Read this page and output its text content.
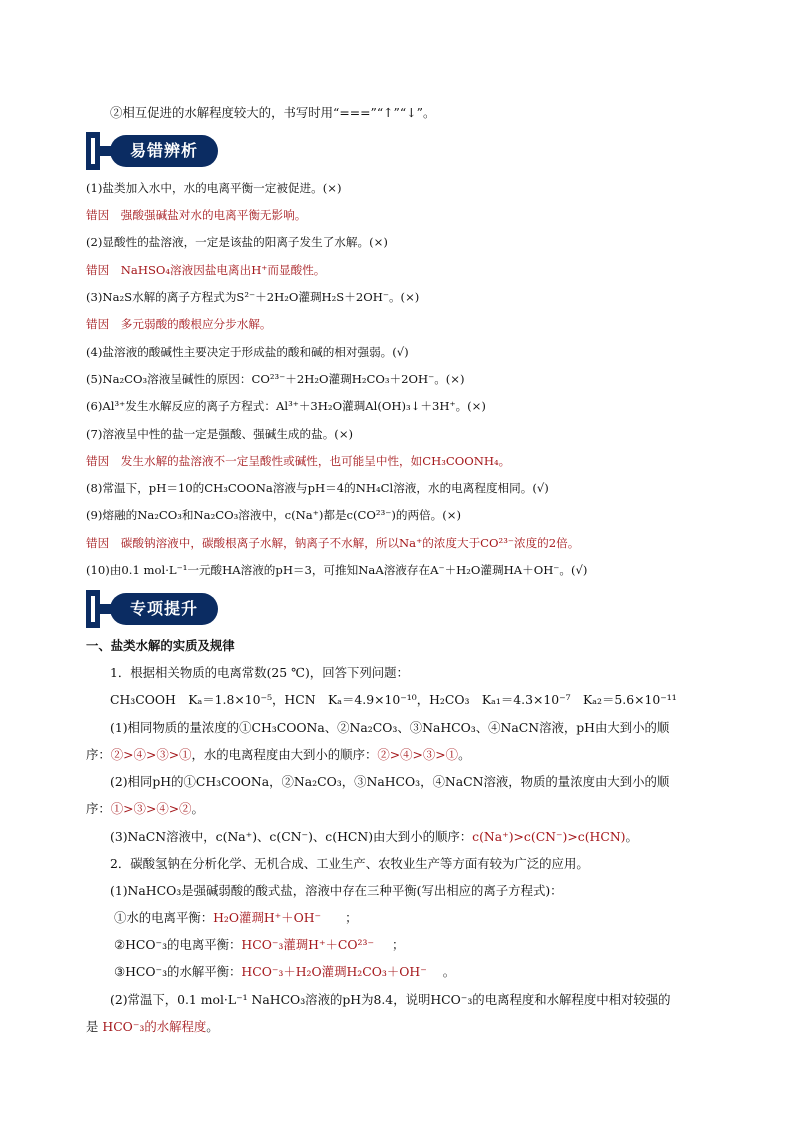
②相互促进的水解程度较大的，书写时用“===”“↑”“↓”。
易错辨析
(1)盐类加入水中，水的电离平衡一定被促进。(×)
错因　强酸强碱盐对水的电离平衡无影响。
(2)显酸性的盐溶液，一定是该盐的阳离子发生了水解。(×)
错因　NaHSO₄溶液因盐电离出H⁺而显酸性。
(3)Na₂S水解的离子方程式为S²⁻＋2H₂O灌琱H₂S＋2OH⁻。(×)
错因　多元弱酸的酸根应分步水解。
(4)盐溶液的酸碱性主要决定于形成盐的酸和碱的相对强弱。(√)
(5)Na₂CO₃溶液呈碱性的原因：CO²³⁻＋2H₂O灌琱H₂CO₃＋2OH⁻。(×)
(6)Al³⁺发生水解反应的离子方程式：Al³⁺＋3H₂O灌琱Al(OH)₃↓＋3H⁺。(×)
(7)溶液呈中性的盐一定是强酸、强碱生成的盐。(×)
错因　发生水解的盐溶液不一定呈酸性或碱性，也可能呈中性，如CH₃COONH₄。
(8)常温下，pH＝10的CH₃COONa溶液与pH＝4的NH₄Cl溶液，水的电离程度相同。(√)
(9)熔融的Na₂CO₃和Na₂CO₃溶液中，c(Na⁺)都是c(CO²³⁻)的两倍。(×)
错因　碳酸钠溶液中，碳酸根离子水解，钠离子不水解，所以Na⁺的浓度大于CO²³⁻浓度的2倍。
(10)由0.1 mol·L⁻¹一元酸HA溶液的pH＝3，可推知NaA溶液存在A⁻＋H₂O灌琱HA＋OH⁻。(√)
专项提升
一、盐类水解的实质及规律
1．根据相关物质的电离常数(25 ℃)，回答下列问题：
CH₃COOH　Kₐ＝1.8×10⁻⁵，HCN　Kₐ＝4.9×10⁻¹⁰，H₂CO₃　Kₐ₁＝4.3×10⁻⁷　Kₐ₂＝5.6×10⁻¹¹
(1)相同物质的量浓度的①CH₃COONa、②Na₂CO₃、③NaHCO₃、④NaCN溶液，pH由大到小的顺
序：②>④>③>①，水的电离程度由大到小的顺序：②>④>③>①。
(2)相同pH的①CH₃COONa，②Na₂CO₃，③NaHCO₃，④NaCN溶液，物质的量浓度由大到小的顺
序：①>③>④>②。
(3)NaCN溶液中，c(Na⁺)、c(CN⁻)、c(HCN)由大到小的顺序：c(Na⁺)>c(CN⁻)>c(HCN)。
2．碳酸氢钠在分析化学、无机合成、工业生产、农牧业生产等方面有较为广泛的应用。
(1)NaHCO₃是强碱弱酸的酸式盐，溶液中存在三种平衡(写出相应的离子方程式)：
①水的电离平衡：H₂O灌琱H⁺＋OH⁻ ；
②HCO⁻₃的电离平衡：HCO⁻₃灌琱H⁺＋CO²³⁻ ；
③HCO⁻₃的水解平衡：HCO⁻₃＋H₂O灌琱H₂CO₃＋OH⁻ 。
(2)常温下，0.1 mol·L⁻¹ NaHCO₃溶液的pH为8.4，说明HCO⁻₃的电离程度和水解程度中相对较强的
是 HCO⁻₃的水解程度。
